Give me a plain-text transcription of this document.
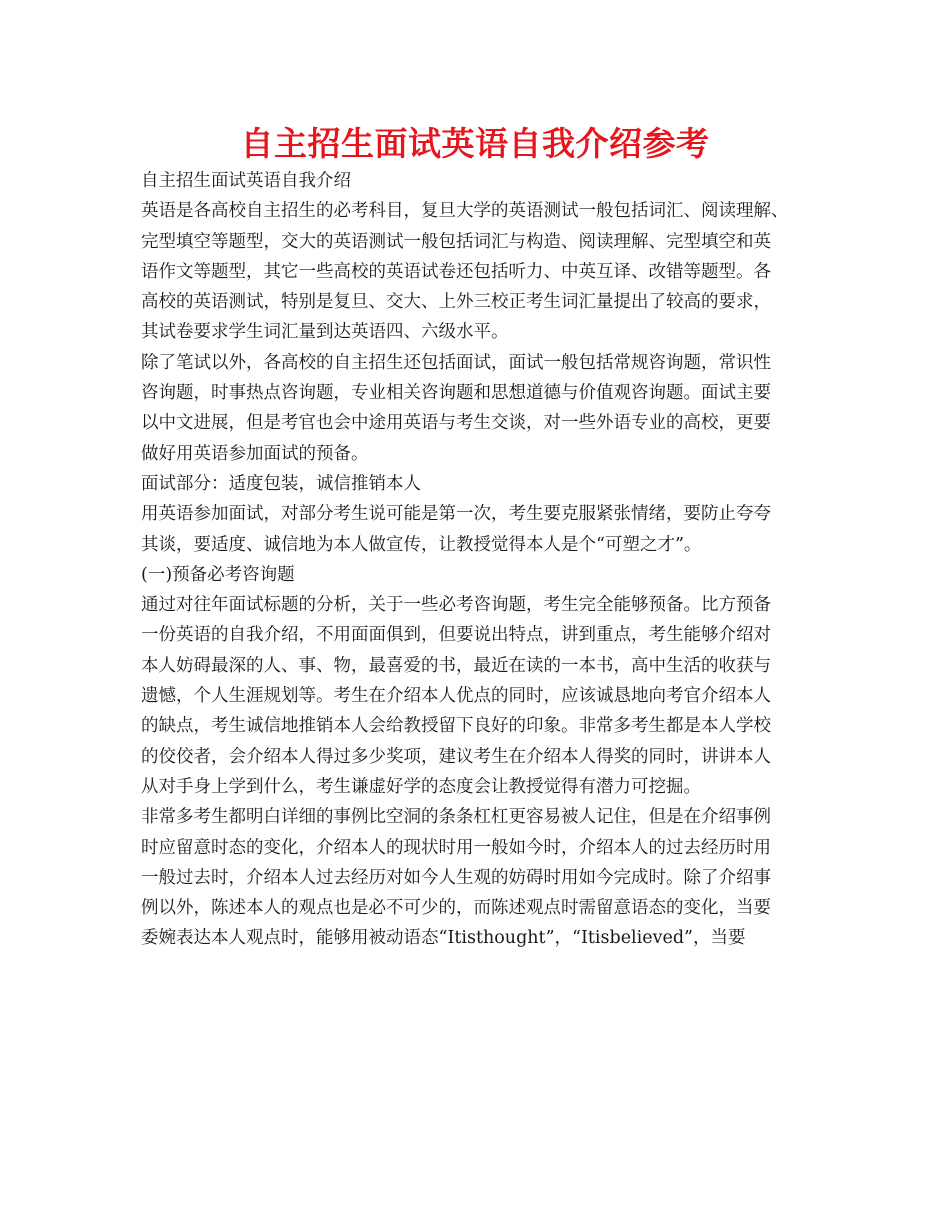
自主招生面试英语自我介绍参考

自主招生面试英语自我介绍

英语是各高校自主招生的必考科目，复旦大学的英语测试一般包括词汇、阅读理解、

完型填空等题型，交大的英语测试一般包括词汇与构造、阅读理解、完型填空和英

语作文等题型，其它一些高校的英语试卷还包括听力、中英互译、改错等题型。各

高校的英语测试，特别是复旦、交大、上外三校正考生词汇量提出了较高的要求，

其试卷要求学生词汇量到达英语四、六级水平。

除了笔试以外，各高校的自主招生还包括面试，面试一般包括常规咨询题，常识性

咨询题，时事热点咨询题，专业相关咨询题和思想道德与价值观咨询题。面试主要

以中文进展，但是考官也会中途用英语与考生交谈，对一些外语专业的高校，更要

做好用英语参加面试的预备。

面试部分：适度包装，诚信推销本人

用英语参加面试，对部分考生说可能是第一次，考生要克服紧张情绪，要防止夸夸

其谈，要适度、诚信地为本人做宣传，让教授觉得本人是个“可塑之才”。

(一)预备必考咨询题

通过对往年面试标题的分析，关于一些必考咨询题，考生完全能够预备。比方预备

一份英语的自我介绍，不用面面俱到，但要说出特点，讲到重点，考生能够介绍对

本人妨碍最深的人、事、物，最喜爱的书，最近在读的一本书，高中生活的收获与

遗憾，个人生涯规划等。考生在介绍本人优点的同时，应该诚恳地向考官介绍本人

的缺点，考生诚信地推销本人会给教授留下良好的印象。非常多考生都是本人学校

的佼佼者，会介绍本人得过多少奖项，建议考生在介绍本人得奖的同时，讲讲本人

从对手身上学到什么，考生谦虚好学的态度会让教授觉得有潜力可挖掘。

非常多考生都明白详细的事例比空洞的条条杠杠更容易被人记住，但是在介绍事例

时应留意时态的变化，介绍本人的现状时用一般如今时，介绍本人的过去经历时用

一般过去时，介绍本人过去经历对如今人生观的妨碍时用如今完成时。除了介绍事

例以外，陈述本人的观点也是必不可少的，而陈述观点时需留意语态的变化，当要

委婉表达本人观点时，能够用被动语态“Itisthought”，“Itisbelieved”，当要
